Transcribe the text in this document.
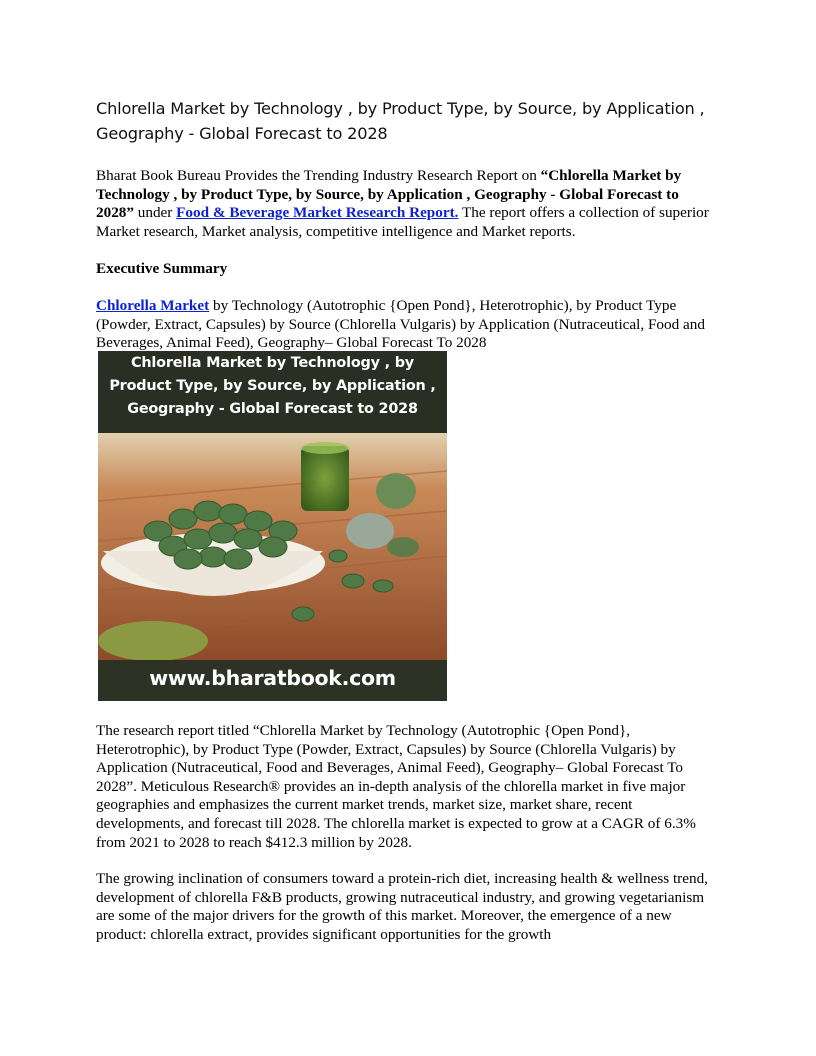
Chlorella Market by Technology , by Product Type, by Source, by Application , Geography - Global Forecast to 2028
Bharat Book Bureau Provides the Trending Industry Research Report on “Chlorella Market by Technology , by Product Type, by Source, by Application , Geography - Global Forecast to 2028” under Food & Beverage Market Research Report. The report offers a collection of superior Market research, Market analysis, competitive intelligence and Market reports.
Executive Summary
Chlorella Market by Technology (Autotrophic {Open Pond}, Heterotrophic), by Product Type (Powder, Extract, Capsules) by Source (Chlorella Vulgaris) by Application (Nutraceutical, Food and Beverages, Animal Feed), Geography– Global Forecast To 2028
Chlorella Market by Technology , by
Product Type, by Source, by Application ,
Geography - Global Forecast to 2028
www.bharatbook.com
The research report titled “Chlorella Market by Technology (Autotrophic {Open Pond}, Heterotrophic), by Product Type (Powder, Extract, Capsules) by Source (Chlorella Vulgaris) by Application (Nutraceutical, Food and Beverages, Animal Feed), Geography– Global Forecast To 2028”. Meticulous Research® provides an in-depth analysis of the chlorella market in five major geographies and emphasizes the current market trends, market size, market share, recent developments, and forecast till 2028. The chlorella market is expected to grow at a CAGR of 6.3% from 2021 to 2028 to reach $412.3 million by 2028.
The growing inclination of consumers toward a protein-rich diet, increasing health & wellness trend, development of chlorella F&B products, growing nutraceutical industry, and growing vegetarianism are some of the major drivers for the growth of this market. Moreover, the emergence of a new product: chlorella extract, provides significant opportunities for the growth
